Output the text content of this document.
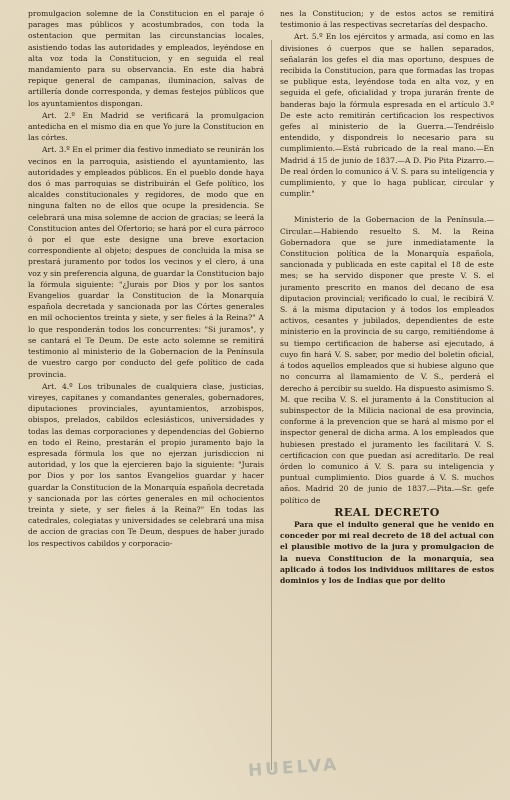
promulgacion solemne de la Constitucion en el paraje ó parages mas públicos y acostumbrados, con toda la ostentacion que permitan las circunstancias locales, asistiendo todas las autoridades y empleados, leyéndose en alta voz toda la Constitucion, y en seguida el real mandamiento para su observancia. En este dia habrá repique general de campanas, iluminacion, salvas de artillería donde corresponda, y demas festejos públicos que los ayuntamientos dispongan.

Art. 2.º En Madrid se verificará la promulgacion antedicha en el mismo dia en que Yo jure la Constitucion en las córtes.

Art. 3.º En el primer dia festivo inmediato se reunirán los vecinos en la parroquia, asistiendo el ayuntamiento, las autoridades y empleados públicos. En el pueblo donde haya dos ó mas parroquias se distribuirán el Gefe político, los alcaldes constitucionales y regidores, de modo que en ninguna falten no de ellos que ocupe la presidencia. Se celebrará una misa solemne de accion de gracias; se leerá la Constitucion antes del Ofertorio; se hará por el cura párroco ó por el que este designe una breve exortacion correspondiente al objeto; despues de concluida la misa se prestará juramento por todos los vecinos y el clero, á una voz y sin preferencia alguna, de guardar la Constitucion bajo la fórmula siguiente: "¿Jurais por Dios y por los santos Evangelios guardar la Constitucion de la Monarquía española decretada y sancionada por las Córtes generales en mil ochocientos treinta y siete, y ser fieles á la Reina?" A lo que responderán todos los concurrentes: "Si juramos", y se cantará el Te Deum. De este acto solemne se remitirá testimonio al ministerio de la Gobernacion de la Península de vuestro cargo por conducto del gefe político de cada provincia.

Art. 4.º Los tribunales de cualquiera clase, justicias, vireyes, capitanes y comandantes generales, gobernadores, diputaciones provinciales, ayuntamientos, arzobispos, obispos, prelados, cabildos eclesiásticos, universidades y todas las demas corporaciones y dependencias del Gobierno en todo el Reino, prestarán el propio juramento bajo la espresada fórmula los que no ejerzan jurisdiccion ni autoridad, y los que la ejercieren bajo la siguiente: "Jurais por Dios y por los santos Evangelios guardar y hacer guardar la Constitucion de la Monarquía española decretada y sancionada por las córtes generales en mil ochocientos treinta y siete, y ser fieles á la Reina?" En todas las catedrales, colegiatas y universidades se celebrará una misa de accion de gracias con Te Deum, despues de haber jurado los respectivos cabildos y corporacio-

nes la Constitucion; y de estos actos se remitirá testimonio á las respectivas secretarías del despacho.

Art. 5.º En los ejércitos y armada, así como en las divisiones ó cuerpos que se hallen separados, señalarán los gefes el dia mas oportuno, despues de recibida la Constitucion, para que formadas las tropas se publique esta, leyéndose toda en alta voz, y en seguida el gefe, oficialidad y tropa jurarán frente de banderas bajo la fórmula espresada en el artículo 3.º De este acto remitirán certificacion los respectivos gefes al ministerio de la Guerra.—Tendréislo entendido, y dispondreis lo necesario para su cumplimiento.—Está rubricado de la real mano.—En Madrid á 15 de junio de 1837.—A D. Pio Pita Pizarro.—De real órden lo comunico á V. S. para su inteligencia y cumplimiento, y que lo haga publicar, circular y cumplir."

Ministerio de la Gobernacion de la Península.—Circular.—Habiendo resuelto S. M. la Reina Gobernadora que se jure inmediatamente la Constitucion política de la Monarquía española, sancionada y publicada en este capital el 18 de este mes; se ha servido disponer que preste V. S. el juramento prescrito en manos del decano de esa diputacion provincial; verificado lo cual, le recibirá V. S. á la misma diputacion y á todos los empleados activos, cesantes y jubilados, dependientes de este ministerio en la provincia de su cargo, remitiéndome á su tiempo certificacion de haberse así ejecutado, á cuyo fin hará V. S. saber, por medio del boletin oficial, á todos aquellos empleados que si hubiese alguno que no concurra al llamamiento de V. S., perderá el derecho á percibir su sueldo. Ha dispuesto asimismo S. M. que reciba V. S. el juramento á la Constitucion al subinspector de la Milicia nacional de esa provincia, conforme á la prevencion que se hará al mismo por el inspector general de dicha arma. A los empleados que hubiesen prestado el juramento les facilitará V. S. certificacion con que puedan así acreditarlo. De real órden lo comunico á V. S. para su inteligencia y puntual cumplimiento. Dios guarde á V. S. muchos años. Madrid 20 de junio de 1837.—Pita.—Sr. gefe político de

REAL DECRETO

Para que el indulto general que he venido en conceder por mi real decreto de 18 del actual con el plausible motivo de la jura y promulgacion de la nueva Constitucion de la monarquía, sea aplicado á todos los individuos militares de estos dominios y los de Indias que por delito

HUELVA
